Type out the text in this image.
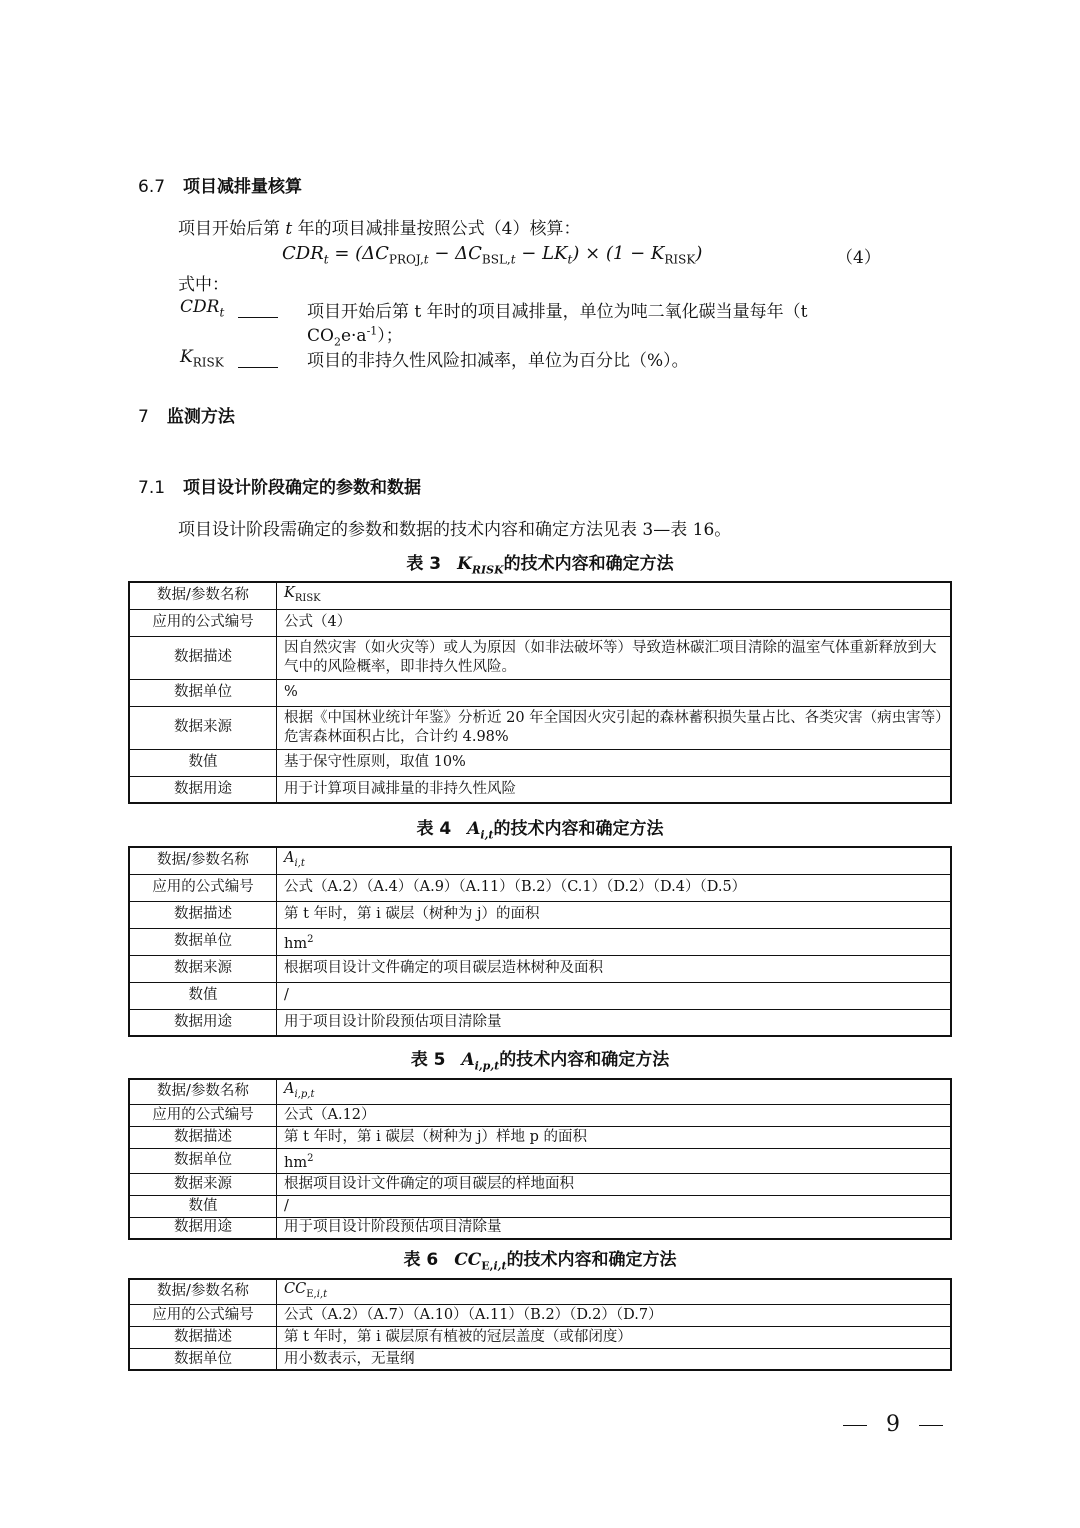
6.7 项目减排量核算
项目开始后第 t 年的项目减排量按照公式（4）核算：
$CDR_t = (\Delta C_{PROJ,t} - \Delta C_{BSL,t} - LK_t) \times (1 - K_{RISK})$	（4）
式中：
$CDR_t$	项目开始后第 t 年时的项目减排量，单位为吨二氧化碳当量每年（t
$CO_2e\cdot a^{-1}$）；
$K_{RISK}$	项目的非持久性风险扣减率，单位为百分比（%）。
7 监测方法
7.1 项目设计阶段确定的参数和数据
项目设计阶段需确定的参数和数据的技术内容和确定方法见表 3—表 16。
表 3 $K_{RISK}$的技术内容和确定方法
数据/参数名称	$K_{RISK}$
应用的公式编号	公式（4）
数据描述	因自然灾害（如火灾等）或人为原因（如非法破坏等）导致造林碳汇项目清除的温室气体重新释放到大气中的风险概率，即非持久性风险。
数据单位	%
数据来源	根据《中国林业统计年鉴》分析近 20 年全国因火灾引起的森林蓄积损失量占比、各类灾害（病虫害等）危害森林面积占比，合计约 4.98%
数值	基于保守性原则，取值 10%
数据用途	用于计算项目减排量的非持久性风险
表 4 $A_{i,t}$的技术内容和确定方法
数据/参数名称	$A_{i,t}$
应用的公式编号	公式（A.2）（A.4）（A.9）（A.11）（B.2）（C.1）（D.2）（D.4）（D.5）
数据描述	第 t 年时，第 i 碳层（树种为 j）的面积
数据单位	$hm^2$
数据来源	根据项目设计文件确定的项目碳层造林树种及面积
数值	/
数据用途	用于项目设计阶段预估项目清除量
表 5 $A_{i,p,t}$的技术内容和确定方法
数据/参数名称	$A_{i,p,t}$
应用的公式编号	公式（A.12）
数据描述	第 t 年时，第 i 碳层（树种为 j）样地 p 的面积
数据单位	$hm^2$
数据来源	根据项目设计文件确定的项目碳层的样地面积
数值	/
数据用途	用于项目设计阶段预估项目清除量
表 6 $CC_{E,i,t}$的技术内容和确定方法
数据/参数名称	$CC_{E,i,t}$
应用的公式编号	公式（A.2）（A.7）（A.10）（A.11）（B.2）（D.2）（D.7）
数据描述	第 t 年时，第 i 碳层原有植被的冠层盖度（或郁闭度）
数据单位	用小数表示，无量纲
9
